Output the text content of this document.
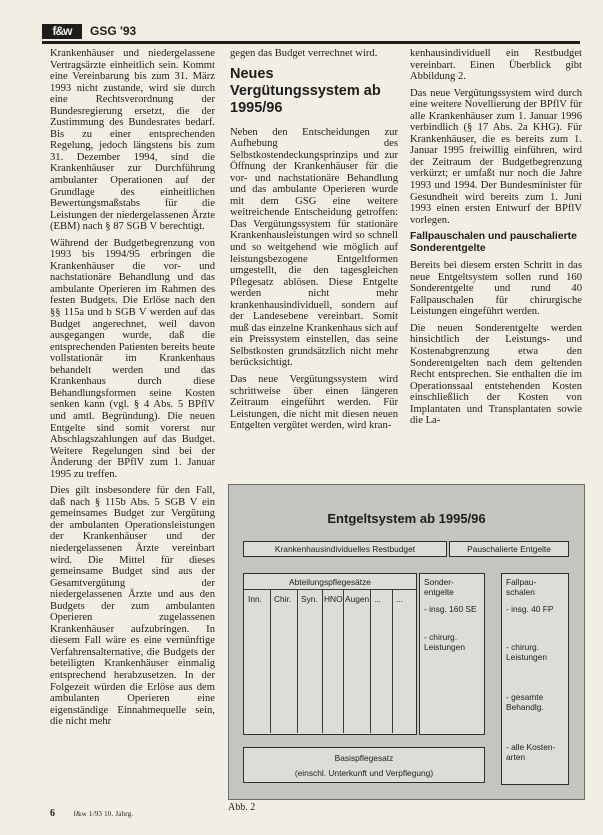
f&w	GSG '93

Krankenhäuser und niedergelassene Vertragsärzte einheitlich sein. Kommt eine Vereinbarung bis zum 31. März 1993 nicht zustande, wird sie durch eine Rechtsverordnung der Bundesregierung ersetzt, die der Zustimmung des Bundesrates bedarf. Bis zu einer entsprechenden Regelung, jedoch längstens bis zum 31. Dezember 1994, sind die Krankenhäuser zur Durchführung ambulanter Operationen auf der Grundlage des einheitlichen Bewertungsmaßstabs für die Leistungen der niedergelassenen Ärzte (EBM) nach § 87 SGB V berechtigt.

Während der Budgetbegrenzung von 1993 bis 1994/95 erbringen die Krankenhäuser die vor- und nachstationäre Behandlung und das ambulante Operieren im Rahmen des festen Budgets. Die Erlöse nach den §§ 115a und b SGB V werden auf das Budget angerechnet, weil davon ausgegangen wurde, daß die entsprechenden Patienten bereits heute vollstationär im Krankenhaus behandelt werden und das Krankenhaus durch diese Behandlungsformen seine Kosten senken kann (vgl. § 4 Abs. 5 BPflV und amtl. Begründung). Die neuen Entgelte sind somit vorerst nur Abschlagszahlungen auf das Budget. Weitere Regelungen sind bei der Änderung der BPflV zum 1. Januar 1995 zu treffen.

Dies gilt insbesondere für den Fall, daß nach § 115b Abs. 5 SGB V ein gemeinsames Budget zur Vergütung der ambulanten Operationsleistungen der Krankenhäuser und der niedergelassenen Ärzte vereinbart wird. Die Mittel für dieses gemeinsame Budget sind aus der Gesamtvergütung der niedergelassenen Ärzte und aus den Budgets der zum ambulanten Operieren zugelassenen Krankenhäuser aufzubringen. In diesem Fall wäre es eine vernünftige Verfahrensalternative, die Budgets der beteiligten Krankenhäuser einmalig entsprechend herabzusetzen. In der Folgezeit würden die Erlöse aus dem ambulanten Operieren eine eigenständige Einnahmequelle sein, die nicht mehr

gegen das Budget verrechnet wird.

Neues Vergütungssystem ab 1995/96

Neben den Entscheidungen zur Aufhebung des Selbstkostendeckungsprinzips und zur Öffnung der Krankenhäuser für die vor- und nachstationäre Behandlung und das ambulante Operieren wurde mit dem GSG eine weitere weitreichende Entscheidung getroffen: Das Vergütungssystem für stationäre Krankenhausleistungen wird so schnell und so weitgehend wie möglich auf leistungsbezogene Entgeltformen umgestellt, die den tagesgleichen Pflegesatz ablösen. Diese Entgelte werden nicht mehr krankenhausindividuell, sondern auf der Landesebene vereinbart. Somit muß das einzelne Krankenhaus sich auf ein Preissystem einstellen, das seine Selbstkosten grundsätzlich nicht mehr berücksichtigt.

Das neue Vergütungssystem wird schrittweise über einen längeren Zeitraum eingeführt werden. Für Leistungen, die nicht mit diesen neuen Entgelten vergütet werden, wird kran-

kenhausindividuell ein Restbudget vereinbart. Einen Überblick gibt Abbildung 2.

Das neue Vergütungssystem wird durch eine weitere Novellierung der BPflV für alle Krankenhäuser zum 1. Januar 1996 verbindlich (§ 17 Abs. 2a KHG). Für Krankenhäuser, die es bereits zum 1. Januar 1995 freiwillig einführen, wird der Zeitraum der Budgetbegrenzung verkürzt; er umfaßt nur noch die Jahre 1993 und 1994. Der Bundesminister für Gesundheit wird bereits zum 1. Juni 1993 einen ersten Entwurf der BPflV vorlegen.

Fallpauschalen und pauschalierte Sonderentgelte

Bereits bei diesem ersten Schritt in das neue Entgeltsystem sollen rund 160 Sonderentgelte und rund 40 Fallpauschalen für chirurgische Leistungen eingeführt werden.

Die neuen Sonderentgelte werden hinsichtlich der Leistungs- und Kostenabgrenzung etwa den Sonderentgelten nach dem geltenden Recht entsprechen. Sie enthalten die im Operationssaal entstehenden Kosten einschließlich der Kosten von Implantaten und Transplantaten sowie die La-

Entgeltsystem ab 1995/96
Krankenhausindividuelles Restbudget	Pauschalierte Entgelte
Abteilungspflegesätze
Inn. Chir. Syn. HNO Augen ... ...
Sonder-entgelte
- insg. 160 SE
- chirurg. Leistungen
Fallpau-schalen
- insg. 40 FP
- chirurg. Leistungen
- gesamte Behandlg.
- alle Kosten-arten
Basispflegesatz
(einschl. Unterkunft und Verpflegung)
Abb. 2
6	f&w 1/93 10. Jahrg.
